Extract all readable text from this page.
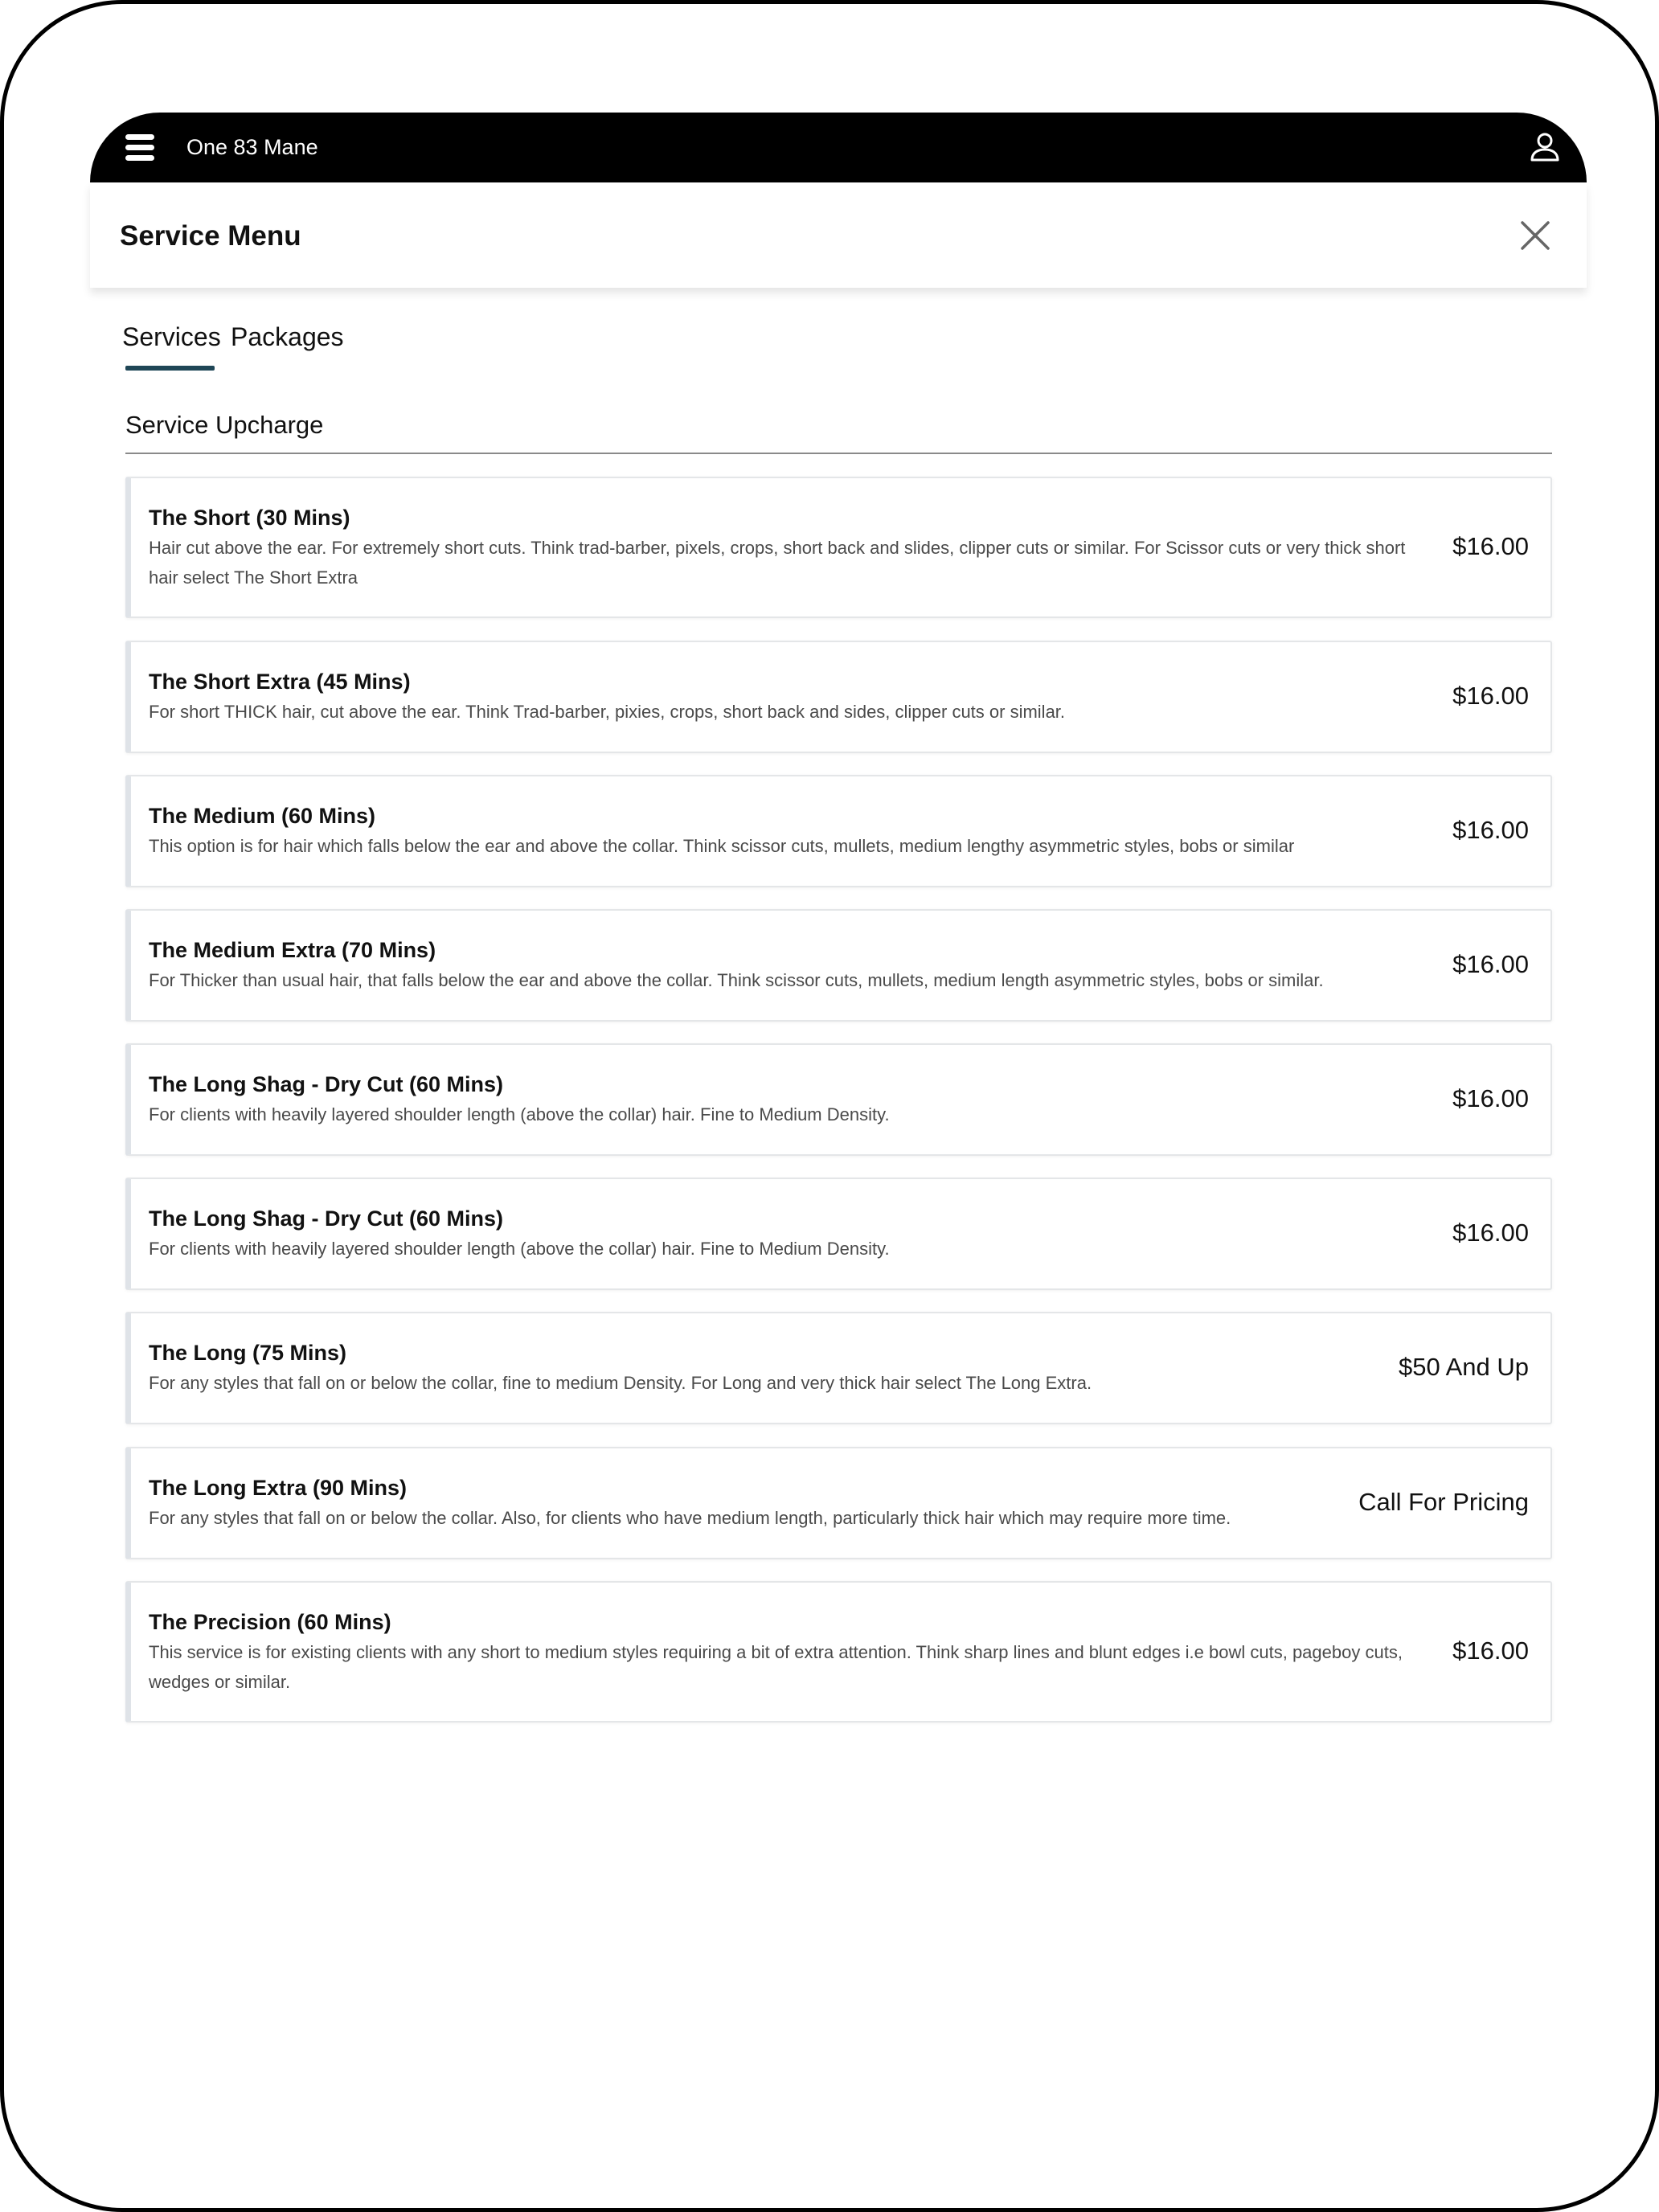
One 83 Mane
Service Menu
Services Packages
Service Upcharge
The Short (30 Mins)
Hair cut above the ear. For extremely short cuts. Think trad-barber, pixels, crops, short back and slides, clipper cuts or similar. For Scissor cuts or very thick short hair select The Short Extra
$16.00
The Short Extra (45 Mins)
For short THICK hair, cut above the ear. Think Trad-barber, pixies, crops, short back and sides, clipper cuts or similar.
$16.00
The Medium (60 Mins)
This option is for hair which falls below the ear and above the collar. Think scissor cuts, mullets, medium lengthy asymmetric styles, bobs or similar
$16.00
The Medium Extra (70 Mins)
For Thicker than usual hair, that falls below the ear and above the collar. Think scissor cuts, mullets, medium length asymmetric styles, bobs or similar.
$16.00
The Long Shag - Dry Cut (60 Mins)
For clients with heavily layered shoulder length (above the collar) hair. Fine to Medium Density.
$16.00
The Long Shag - Dry Cut (60 Mins)
For clients with heavily layered shoulder length (above the collar) hair. Fine to Medium Density.
$16.00
The Long (75 Mins)
For any styles that fall on or below the collar, fine to medium Density. For Long and very thick hair select The Long Extra.
$50 And Up
The Long Extra (90 Mins)
For any styles that fall on or below the collar. Also, for clients who have medium length, particularly thick hair which may require more time.
Call For Pricing
The Precision (60 Mins)
This service is for existing clients with any short to medium styles requiring a bit of extra attention. Think sharp lines and blunt edges i.e bowl cuts, pageboy cuts, wedges or similar.
$16.00
